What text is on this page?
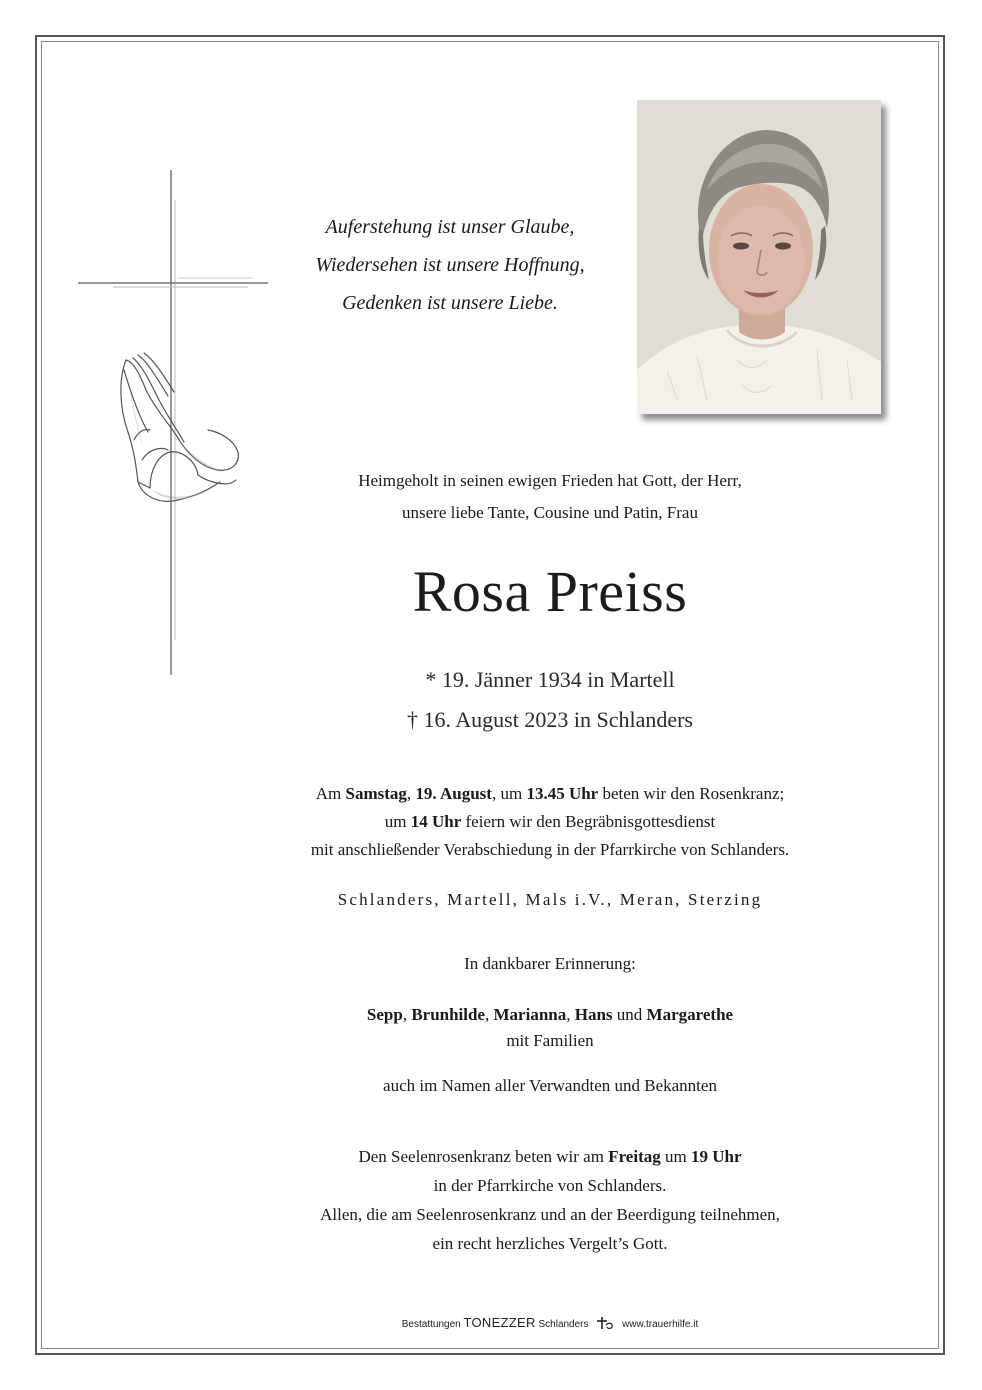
Auferstehung ist unser Glaube,
Wiedersehen ist unsere Hoffnung,
Gedenken ist unsere Liebe.
Heimgeholt in seinen ewigen Frieden hat Gott, der Herr,
unsere liebe Tante, Cousine und Patin, Frau
Rosa Preiss
* 19. Jänner 1934 in Martell
† 16. August 2023 in Schlanders
Am Samstag, 19. August, um 13.45 Uhr beten wir den Rosenkranz;
um 14 Uhr feiern wir den Begräbnisgottesdienst
mit anschließender Verabschiedung in der Pfarrkirche von Schlanders.
Schlanders, Martell, Mals i.V., Meran, Sterzing
In dankbarer Erinnerung:
Sepp, Brunhilde, Marianna, Hans und Margarethe
mit Familien
auch im Namen aller Verwandten und Bekannten
Den Seelenrosenkranz beten wir am Freitag um 19 Uhr
in der Pfarrkirche von Schlanders.
Allen, die am Seelenrosenkranz und an der Beerdigung teilnehmen,
ein recht herzliches Vergelt’s Gott.
Bestattungen TONEZZER Schlanders	www.trauerhilfe.it
